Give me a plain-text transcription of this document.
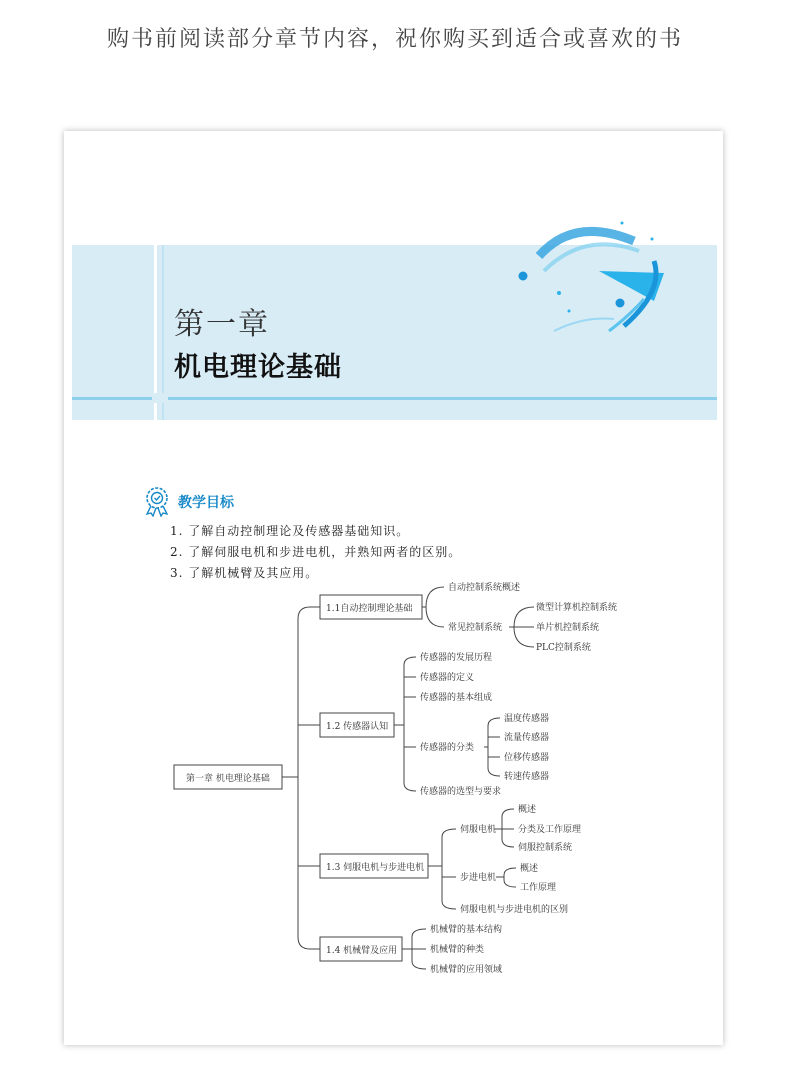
购书前阅读部分章节内容，祝你购买到适合或喜欢的书
第一章
机电理论基础
教学目标
1. 了解自动控制理论及传感器基础知识。
2. 了解伺服电机和步进电机，并熟知两者的区别。
3. 了解机械臂及其应用。
第一章 机电理论基础
1.1自动控制理论基础
自动控制系统概述
常见控制系统
微型计算机控制系统
单片机控制系统
PLC控制系统
1.2 传感器认知
传感器的发展历程
传感器的定义
传感器的基本组成
传感器的分类
温度传感器
流量传感器
位移传感器
转速传感器
传感器的选型与要求
1.3 伺服电机与步进电机
伺服电机
概述
分类及工作原理
伺服控制系统
步进电机
概述
工作原理
伺服电机与步进电机的区别
1.4 机械臂及应用
机械臂的基本结构
机械臂的种类
机械臂的应用领域
